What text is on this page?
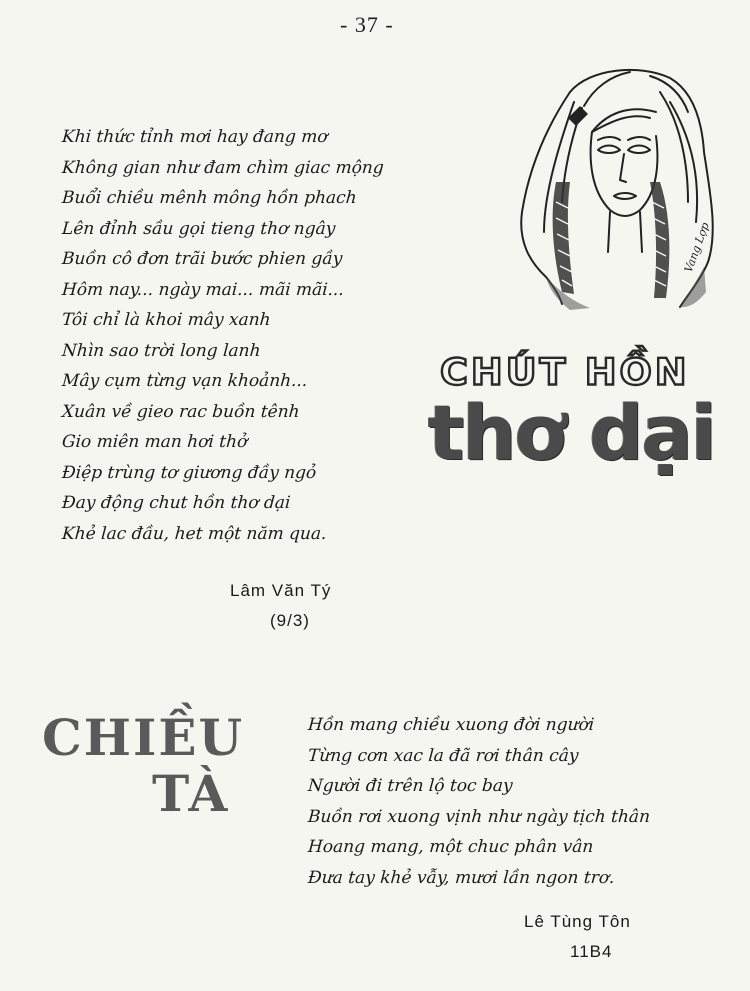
- 37 -
Vang Lợp
CHÚT HỒN
thơ dại
Khi thức tỉnh mơi hay đang mơ
Không gian như đam chìm giac mộng
Buổi chiều mênh mông hồn phach
Lên đỉnh sầu gọi tieng thơ ngây
Buồn cô đơn trãi bước phien gầy
Hôm nay... ngày mai... mãi mãi...
Tôi chỉ là khoi mây xanh
Nhìn sao trời long lanh
Mây cụm từng vạn khoảnh...
Xuân về gieo rac buồn tênh
Gio miên man hơi thở
Điệp trùng tơ giương đầy ngỏ
Đay động chut hồn thơ dại
Khẻ lac đầu, het một năm qua.
Lâm Văn Tý
(9/3)
CHIỀU
TÀ
Hồn mang chiều xuong đời người
Từng cơn xac la đã rơi thân cây
Người đi trên lộ toc bay
Buồn rơi xuong vịnh như ngày tịch thân
Hoang mang, một chuc phân vân
Đưa tay khẻ vẫy, mươi lần ngon trơ.
Lê Tùng Tôn
11B4
